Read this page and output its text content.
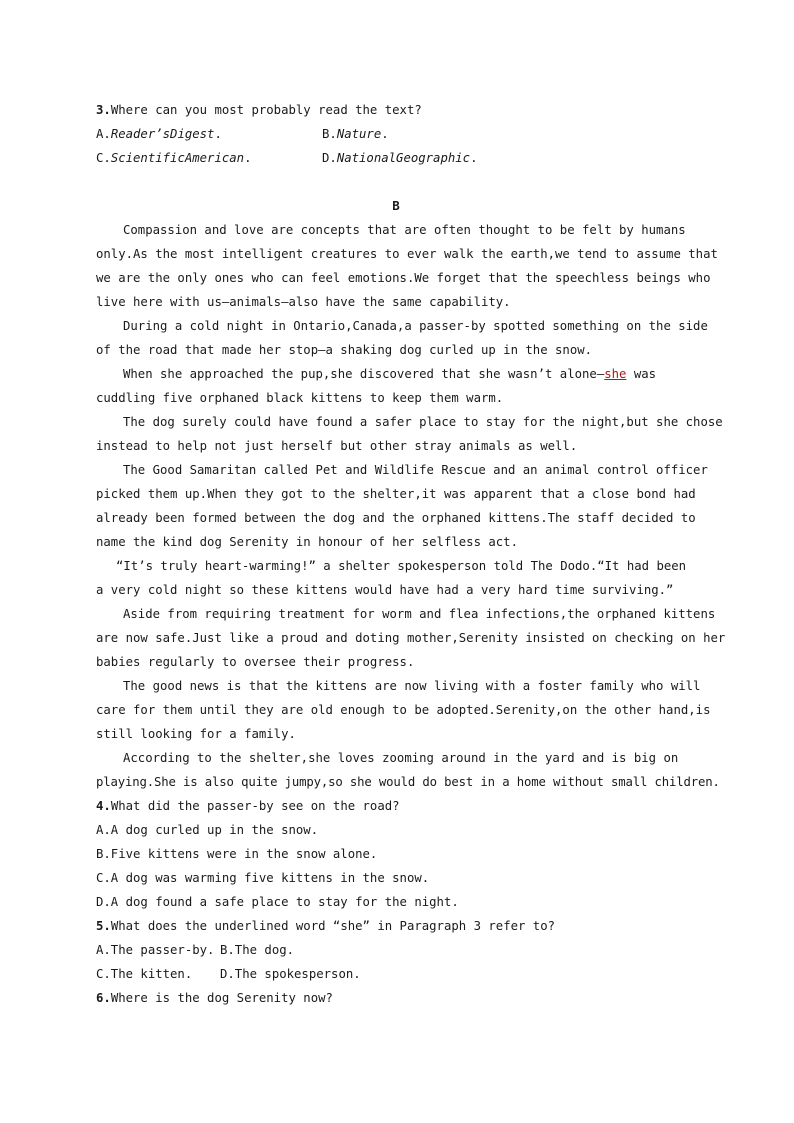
3.Where can you most probably read the text?
A.Reader’sDigest.	B.Nature.
C.ScientificAmerican.	D.NationalGeographic.
B
Compassion and love are concepts that are often thought to be felt by humans
only.As the most intelligent creatures to ever walk the earth,we tend to assume that
we are the only ones who can feel emotions.We forget that the speechless beings who
live here with us—animals—also have the same capability.
During a cold night in Ontario,Canada,a passer-by spotted something on the side
of the road that made her stop—a shaking dog curled up in the snow.
When she approached the pup,she discovered that she wasn’t alone—she was
cuddling five orphaned black kittens to keep them warm.
The dog surely could have found a safer place to stay for the night,but she chose
instead to help not just herself but other stray animals as well.
The Good Samaritan called Pet and Wildlife Rescue and an animal control officer
picked them up.When they got to the shelter,it was apparent that a close bond had
already been formed between the dog and the orphaned kittens.The staff decided to
name the kind dog Serenity in honour of her selfless act.
“It’s truly heart-warming!” a shelter spokesperson told The Dodo.“It had been
a very cold night so these kittens would have had a very hard time surviving.”
Aside from requiring treatment for worm and flea infections,the orphaned kittens
are now safe.Just like a proud and doting mother,Serenity insisted on checking on her
babies regularly to oversee their progress.
The good news is that the kittens are now living with a foster family who will
care for them until they are old enough to be adopted.Serenity,on the other hand,is
still looking for a family.
According to the shelter,she loves zooming around in the yard and is big on
playing.She is also quite jumpy,so she would do best in a home without small children.
4.What did the passer-by see on the road?
A.A dog curled up in the snow.
B.Five kittens were in the snow alone.
C.A dog was warming five kittens in the snow.
D.A dog found a safe place to stay for the night.
5.What does the underlined word “she” in Paragraph 3 refer to?
A.The passer-by. B.The dog.
C.The kitten. D.The spokesperson.
6.Where is the dog Serenity now?
